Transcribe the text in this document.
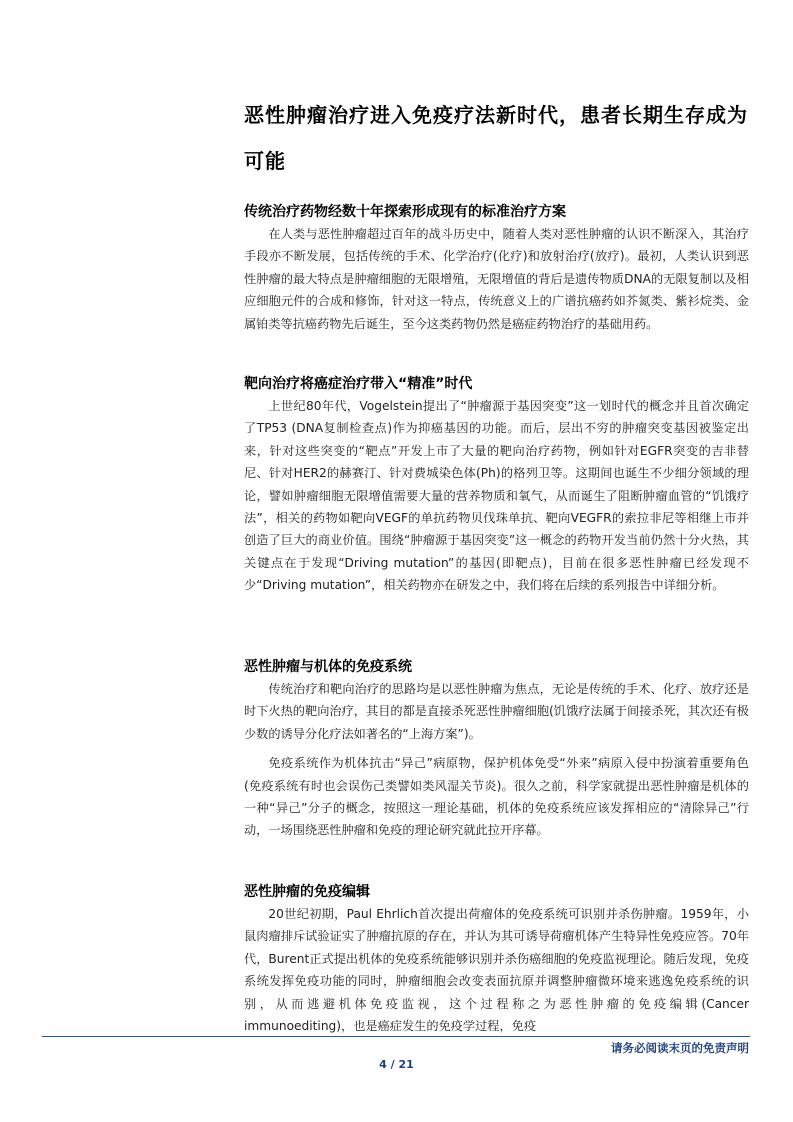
恶性肿瘤治疗进入免疫疗法新时代，患者长期生存成为可能
传统治疗药物经数十年探索形成现有的标准治疗方案

在人类与恶性肿瘤超过百年的战斗历史中，随着人类对恶性肿瘤的认识不断深入，其治疗手段亦不断发展，包括传统的手术、化学治疗(化疗)和放射治疗(放疗)。最初，人类认识到恶性肿瘤的最大特点是肿瘤细胞的无限增殖，无限增值的背后是遗传物质DNA的无限复制以及相应细胞元件的合成和修饰，针对这一特点，传统意义上的广谱抗癌药如芥氮类、紫衫烷类、金属铂类等抗癌药物先后诞生，至今这类药物仍然是癌症药物治疗的基础用药。

靶向治疗将癌症治疗带入“精准”时代

上世纪80年代，Vogelstein提出了“肿瘤源于基因突变”这一划时代的概念并且首次确定了TP53 (DNA复制检查点)作为抑癌基因的功能。而后，层出不穷的肿瘤突变基因被鉴定出来，针对这些突变的“靶点”开发上市了大量的靶向治疗药物，例如针对EGFR突变的吉非替尼、针对HER2的赫赛汀、针对费城染色体(Ph)的格列卫等。这期间也诞生不少细分领域的理论，譬如肿瘤细胞无限增值需要大量的营养物质和氧气，从而诞生了阻断肿瘤血管的“饥饿疗法”，相关的药物如靶向VEGF的单抗药物贝伐珠单抗、靶向VEGFR的索拉非尼等相继上市并创造了巨大的商业价值。围绕“肿瘤源于基因突变”这一概念的药物开发当前仍然十分火热，其关键点在于发现“Driving mutation”的基因(即靶点)，目前在很多恶性肿瘤已经发现不少“Driving mutation”，相关药物亦在研发之中，我们将在后续的系列报告中详细分析。

恶性肿瘤与机体的免疫系统

传统治疗和靶向治疗的思路均是以恶性肿瘤为焦点，无论是传统的手术、化疗、放疗还是时下火热的靶向治疗，其目的都是直接杀死恶性肿瘤细胞(饥饿疗法属于间接杀死，其次还有极少数的诱导分化疗法如著名的“上海方案”)。

免疫系统作为机体抗击“异己”病原物，保护机体免受“外来”病原入侵中扮演着重要角色(免疫系统有时也会误伤己类譬如类风湿关节炎)。很久之前，科学家就提出恶性肿瘤是机体的一种“异己”分子的概念，按照这一理论基础，机体的免疫系统应该发挥相应的“清除异己”行动，一场围绕恶性肿瘤和免疫的理论研究就此拉开序幕。

恶性肿瘤的免疫编辑

20世纪初期，Paul Ehrlich首次提出荷瘤体的免疫系统可识别并杀伤肿瘤。1959年，小鼠肉瘤排斥试验证实了肿瘤抗原的存在，并认为其可诱导荷瘤机体产生特异性免疫应答。70年代，Burent正式提出机体的免疫系统能够识别并杀伤癌细胞的免疫监视理论。随后发现，免疫系统发挥免疫功能的同时，肿瘤细胞会改变表面抗原并调整肿瘤微环境来逃逸免疫系统的识别，从而逃避机体免疫监视，这个过程称之为恶性肿瘤的免疫编辑(Cancer immunoediting)，也是癌症发生的免疫学过程，免疫

请务必阅读末页的免责声明
4 / 21
